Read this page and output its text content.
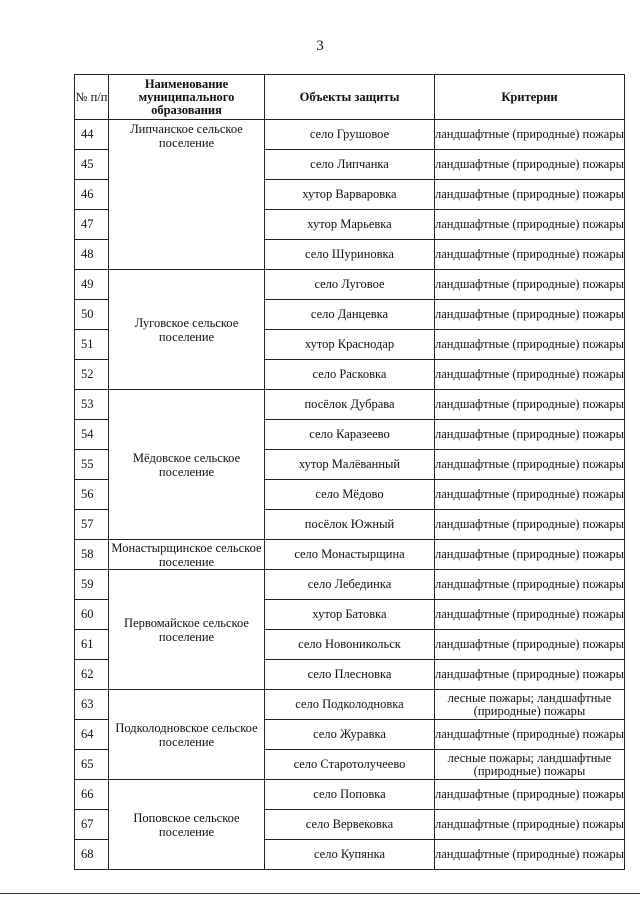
3
№ п/п	Наименование муниципального образования	Объекты защиты	Критерии
44	Липчанское сельское поселение	село Грушовое	ландшафтные (природные) пожары
45		село Липчанка	ландшафтные (природные) пожары
46		хутор Варваровка	ландшафтные (природные) пожары
47		хутор Марьевка	ландшафтные (природные) пожары
48		село Шуриновка	ландшафтные (природные) пожары
49	Луговское сельское поселение	село Луговое	ландшафтные (природные) пожары
50		село Данцевка	ландшафтные (природные) пожары
51		хутор Краснодар	ландшафтные (природные) пожары
52		село Расковка	ландшафтные (природные) пожары
53	Мёдовское сельское поселение	посёлок Дубрава	ландшафтные (природные) пожары
54		село Каразеево	ландшафтные (природные) пожары
55		хутор Малёванный	ландшафтные (природные) пожары
56		село Мёдово	ландшафтные (природные) пожары
57		посёлок Южный	ландшафтные (природные) пожары
58	Монастырщинское сельское поселение	село Монастырщина	ландшафтные (природные) пожары
59	Первомайское сельское поселение	село Лебединка	ландшафтные (природные) пожары
60		хутор Батовка	ландшафтные (природные) пожары
61		село Новоникольск	ландшафтные (природные) пожары
62		село Плесновка	ландшафтные (природные) пожары
63	Подколодновское сельское поселение	село Подколодновка	лесные пожары; ландшафтные (природные) пожары
64		село Журавка	ландшафтные (природные) пожары
65		село Старотолучеево	лесные пожары; ландшафтные (природные) пожары
66	Поповское сельское поселение	село Поповка	ландшафтные (природные) пожары
67		село Вервековка	ландшафтные (природные) пожары
68		село Купянка	ландшафтные (природные) пожары
